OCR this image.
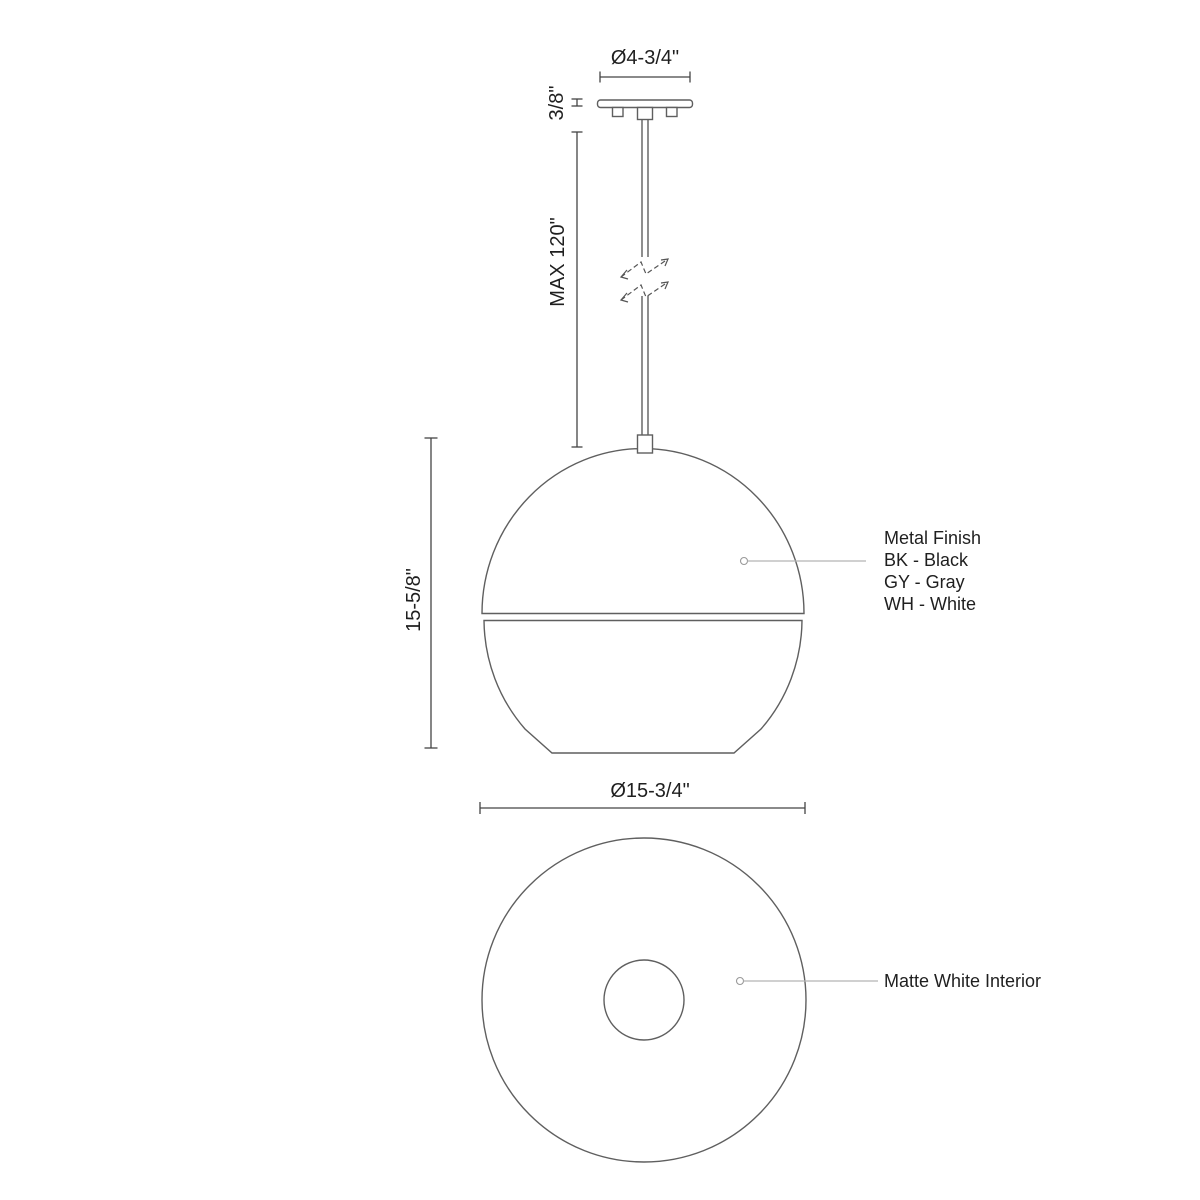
Ø4-3/4"
3/8"
MAX 120"
15-5/8"
Metal Finish
BK - Black
GY - Gray
WH - White
Ø15-3/4"
Matte White Interior
